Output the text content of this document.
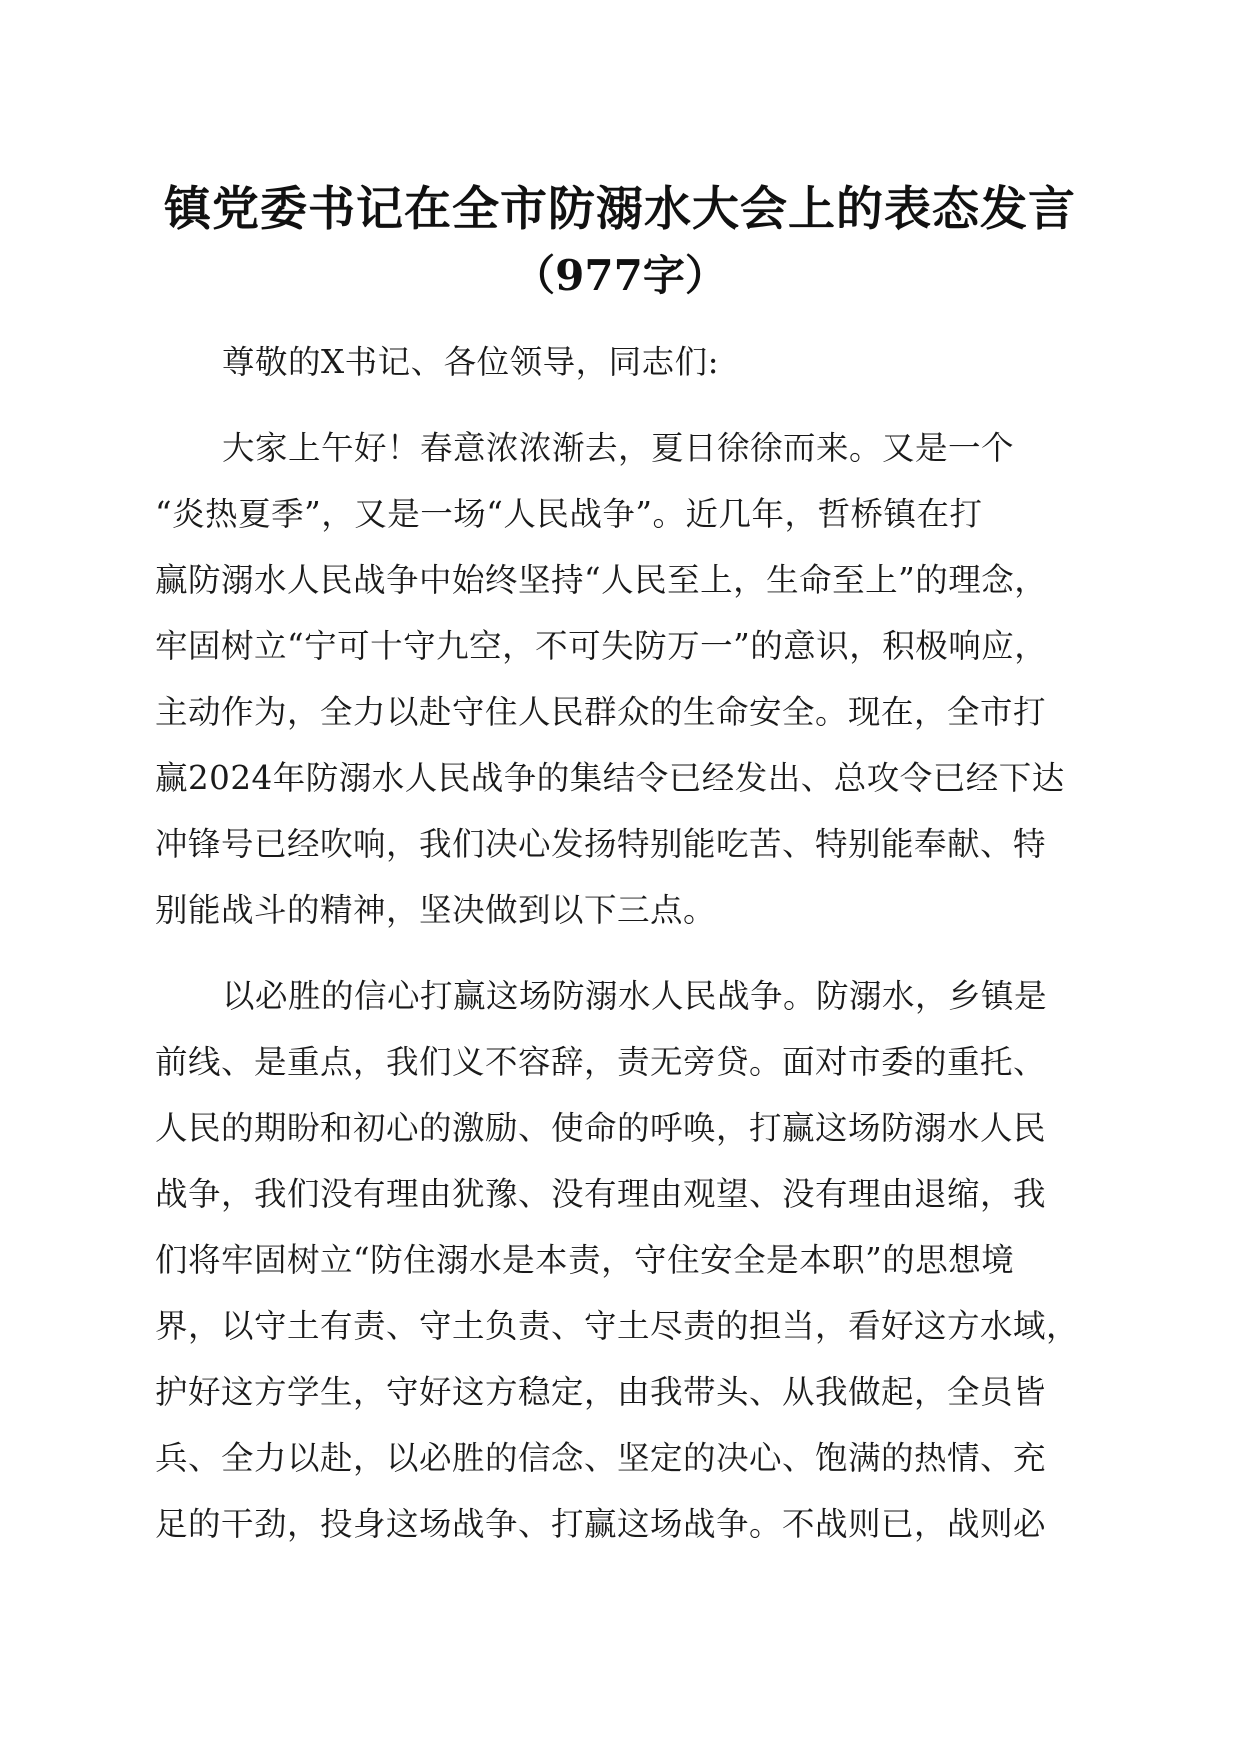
镇党委书记在全市防溺水大会上的表态发言
（977字）
尊敬的X书记、各位领导，同志们:
大家上午好！春意浓浓渐去，夏日徐徐而来。又是一个
“炎热夏季”，又是一场“人民战争”。近几年，哲桥镇在打
赢防溺水人民战争中始终坚持“人民至上，生命至上”的理念，
牢固树立“宁可十守九空，不可失防万一”的意识，积极响应，
主动作为，全力以赴守住人民群众的生命安全。现在，全市打
赢2024年防溺水人民战争的集结令已经发出、总攻令已经下达
冲锋号已经吹响，我们决心发扬特别能吃苦、特别能奉献、特
别能战斗的精神，坚决做到以下三点。
以必胜的信心打赢这场防溺水人民战争。防溺水，乡镇是
前线、是重点，我们义不容辞，责无旁贷。面对市委的重托、
人民的期盼和初心的激励、使命的呼唤，打赢这场防溺水人民
战争，我们没有理由犹豫、没有理由观望、没有理由退缩，我
们将牢固树立“防住溺水是本责，守住安全是本职”的思想境
界，以守土有责、守土负责、守土尽责的担当，看好这方水域，
护好这方学生，守好这方稳定，由我带头、从我做起，全员皆
兵、全力以赴，以必胜的信念、坚定的决心、饱满的热情、充
足的干劲，投身这场战争、打赢这场战争。不战则已，战则必
